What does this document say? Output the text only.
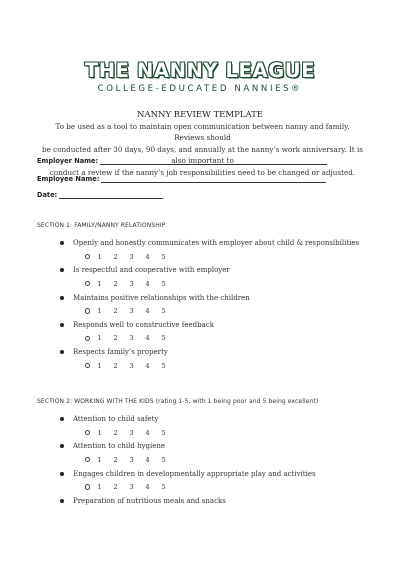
THE NANNY LEAGUE
COLLEGE-EDUCATED NANNIES®
NANNY REVIEW TEMPLATE
To be used as a tool to maintain open communication between nanny and family. Reviews should
be conducted after 30 days, 90 days, and annually at the nanny’s work anniversary. It is also important to
conduct a review if the nanny’s job responsibilities need to be changed or adjusted.
Employer Name:
Employee Name:
Date:
SECTION 1: FAMILY/NANNY RELATIONSHIP
Openly and honestly communicates with employer about child & responsibilities
1	2	3	4	5
Is respectful and cooperative with employer
1	2	3	4	5
Maintains positive relationships with the children
1	2	3	4	5
Responds well to constructive feedback
1	2	3	4	5
Respects family’s property
1	2	3	4	5
SECTION 2: WORKING WITH THE KIDS (rating 1-5, with 1 being poor and 5 being excellent)
Attention to child safety
1	2	3	4	5
Attention to child hygiene
1	2	3	4	5
Engages children in developmentally appropriate play and activities
1	2	3	4	5
Preparation of nutritious meals and snacks
